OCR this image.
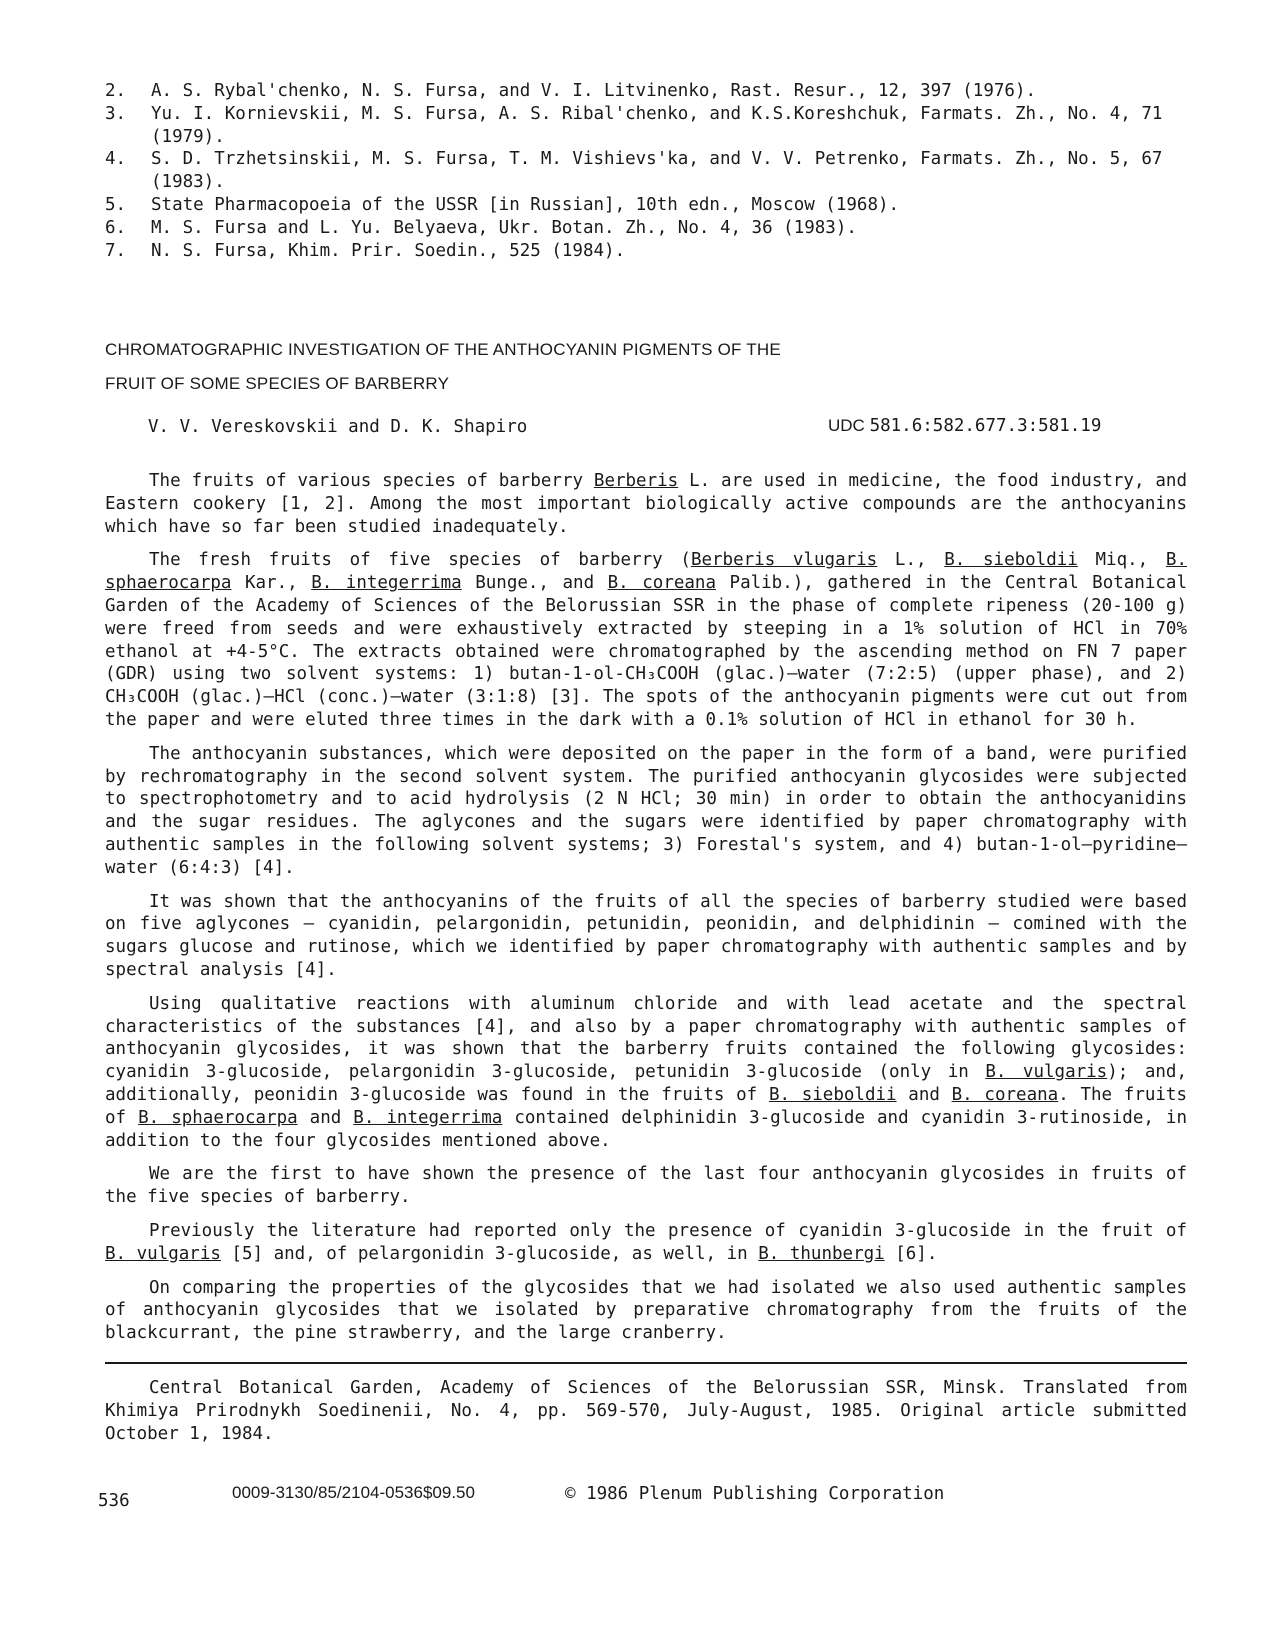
2.	A. S. Rybal'chenko, N. S. Fursa, and V. I. Litvinenko, Rast. Resur., 12, 397 (1976).
3.	Yu. I. Kornievskii, M. S. Fursa, A. S. Ribal'chenko, and K.S.Koreshchuk, Farmats. Zh., No. 4, 71 (1979).
4.	S. D. Trzhetsinskii, M. S. Fursa, T. M. Vishievs'ka, and V. V. Petrenko, Farmats. Zh., No. 5, 67 (1983).
5.	State Pharmacopoeia of the USSR [in Russian], 10th edn., Moscow (1968).
6.	M. S. Fursa and L. Yu. Belyaeva, Ukr. Botan. Zh., No. 4, 36 (1983).
7.	N. S. Fursa, Khim. Prir. Soedin., 525 (1984).
CHROMATOGRAPHIC INVESTIGATION OF THE ANTHOCYANIN PIGMENTS OF THE
FRUIT OF SOME SPECIES OF BARBERRY
V. V. Vereskovskii and D. K. Shapiro	UDC 581.6:582.677.3:581.19

The fruits of various species of barberry Berberis L. are used in medicine, the food industry, and Eastern cookery [1, 2]. Among the most important biologically active compounds are the anthocyanins which have so far been studied inadequately.

The fresh fruits of five species of barberry (Berberis vlugaris L., B. sieboldii Miq., B. sphaerocarpa Kar., B. integerrima Bunge., and B. coreana Palib.), gathered in the Central Botanical Garden of the Academy of Sciences of the Belorussian SSR in the phase of complete ripeness (20-100 g) were freed from seeds and were exhaustively extracted by steeping in a 1% solution of HCl in 70% ethanol at +4-5°C. The extracts obtained were chromatographed by the ascending method on FN 7 paper (GDR) using two solvent systems: 1) butan-1-ol-CH₃COOH (glac.)—water (7:2:5) (upper phase), and 2) CH₃COOH (glac.)—HCl (conc.)—water (3:1:8) [3]. The spots of the anthocyanin pigments were cut out from the paper and were eluted three times in the dark with a 0.1% solution of HCl in ethanol for 30 h.

The anthocyanin substances, which were deposited on the paper in the form of a band, were purified by rechromatography in the second solvent system. The purified anthocyanin glycosides were subjected to spectrophotometry and to acid hydrolysis (2 N HCl; 30 min) in order to obtain the anthocyanidins and the sugar residues. The aglycones and the sugars were identified by paper chromatography with authentic samples in the following solvent systems; 3) Forestal's system, and 4) butan-1-ol—pyridine—water (6:4:3) [4].

It was shown that the anthocyanins of the fruits of all the species of barberry studied were based on five aglycones — cyanidin, pelargonidin, petunidin, peonidin, and delphidinin — comined with the sugars glucose and rutinose, which we identified by paper chromatography with authentic samples and by spectral analysis [4].

Using qualitative reactions with aluminum chloride and with lead acetate and the spectral characteristics of the substances [4], and also by a paper chromatography with authentic samples of anthocyanin glycosides, it was shown that the barberry fruits contained the following glycosides: cyanidin 3-glucoside, pelargonidin 3-glucoside, petunidin 3-glucoside (only in B. vulgaris); and, additionally, peonidin 3-glucoside was found in the fruits of B. sieboldii and B. coreana. The fruits of B. sphaerocarpa and B. integerrima contained delphinidin 3-glucoside and cyanidin 3-rutinoside, in addition to the four glycosides mentioned above.

We are the first to have shown the presence of the last four anthocyanin glycosides in fruits of the five species of barberry.

Previously the literature had reported only the presence of cyanidin 3-glucoside in the fruit of B. vulgaris [5] and, of pelargonidin 3-glucoside, as well, in B. thunbergi [6].

On comparing the properties of the glycosides that we had isolated we also used authentic samples of anthocyanin glycosides that we isolated by preparative chromatography from the fruits of the blackcurrant, the pine strawberry, and the large cranberry.

Central Botanical Garden, Academy of Sciences of the Belorussian SSR, Minsk. Translated from Khimiya Prirodnykh Soedinenii, No. 4, pp. 569-570, July-August, 1985. Original article submitted October 1, 1984.
536	0009-3130/85/2104-0536$09.50	© 1986 Plenum Publishing Corporation
